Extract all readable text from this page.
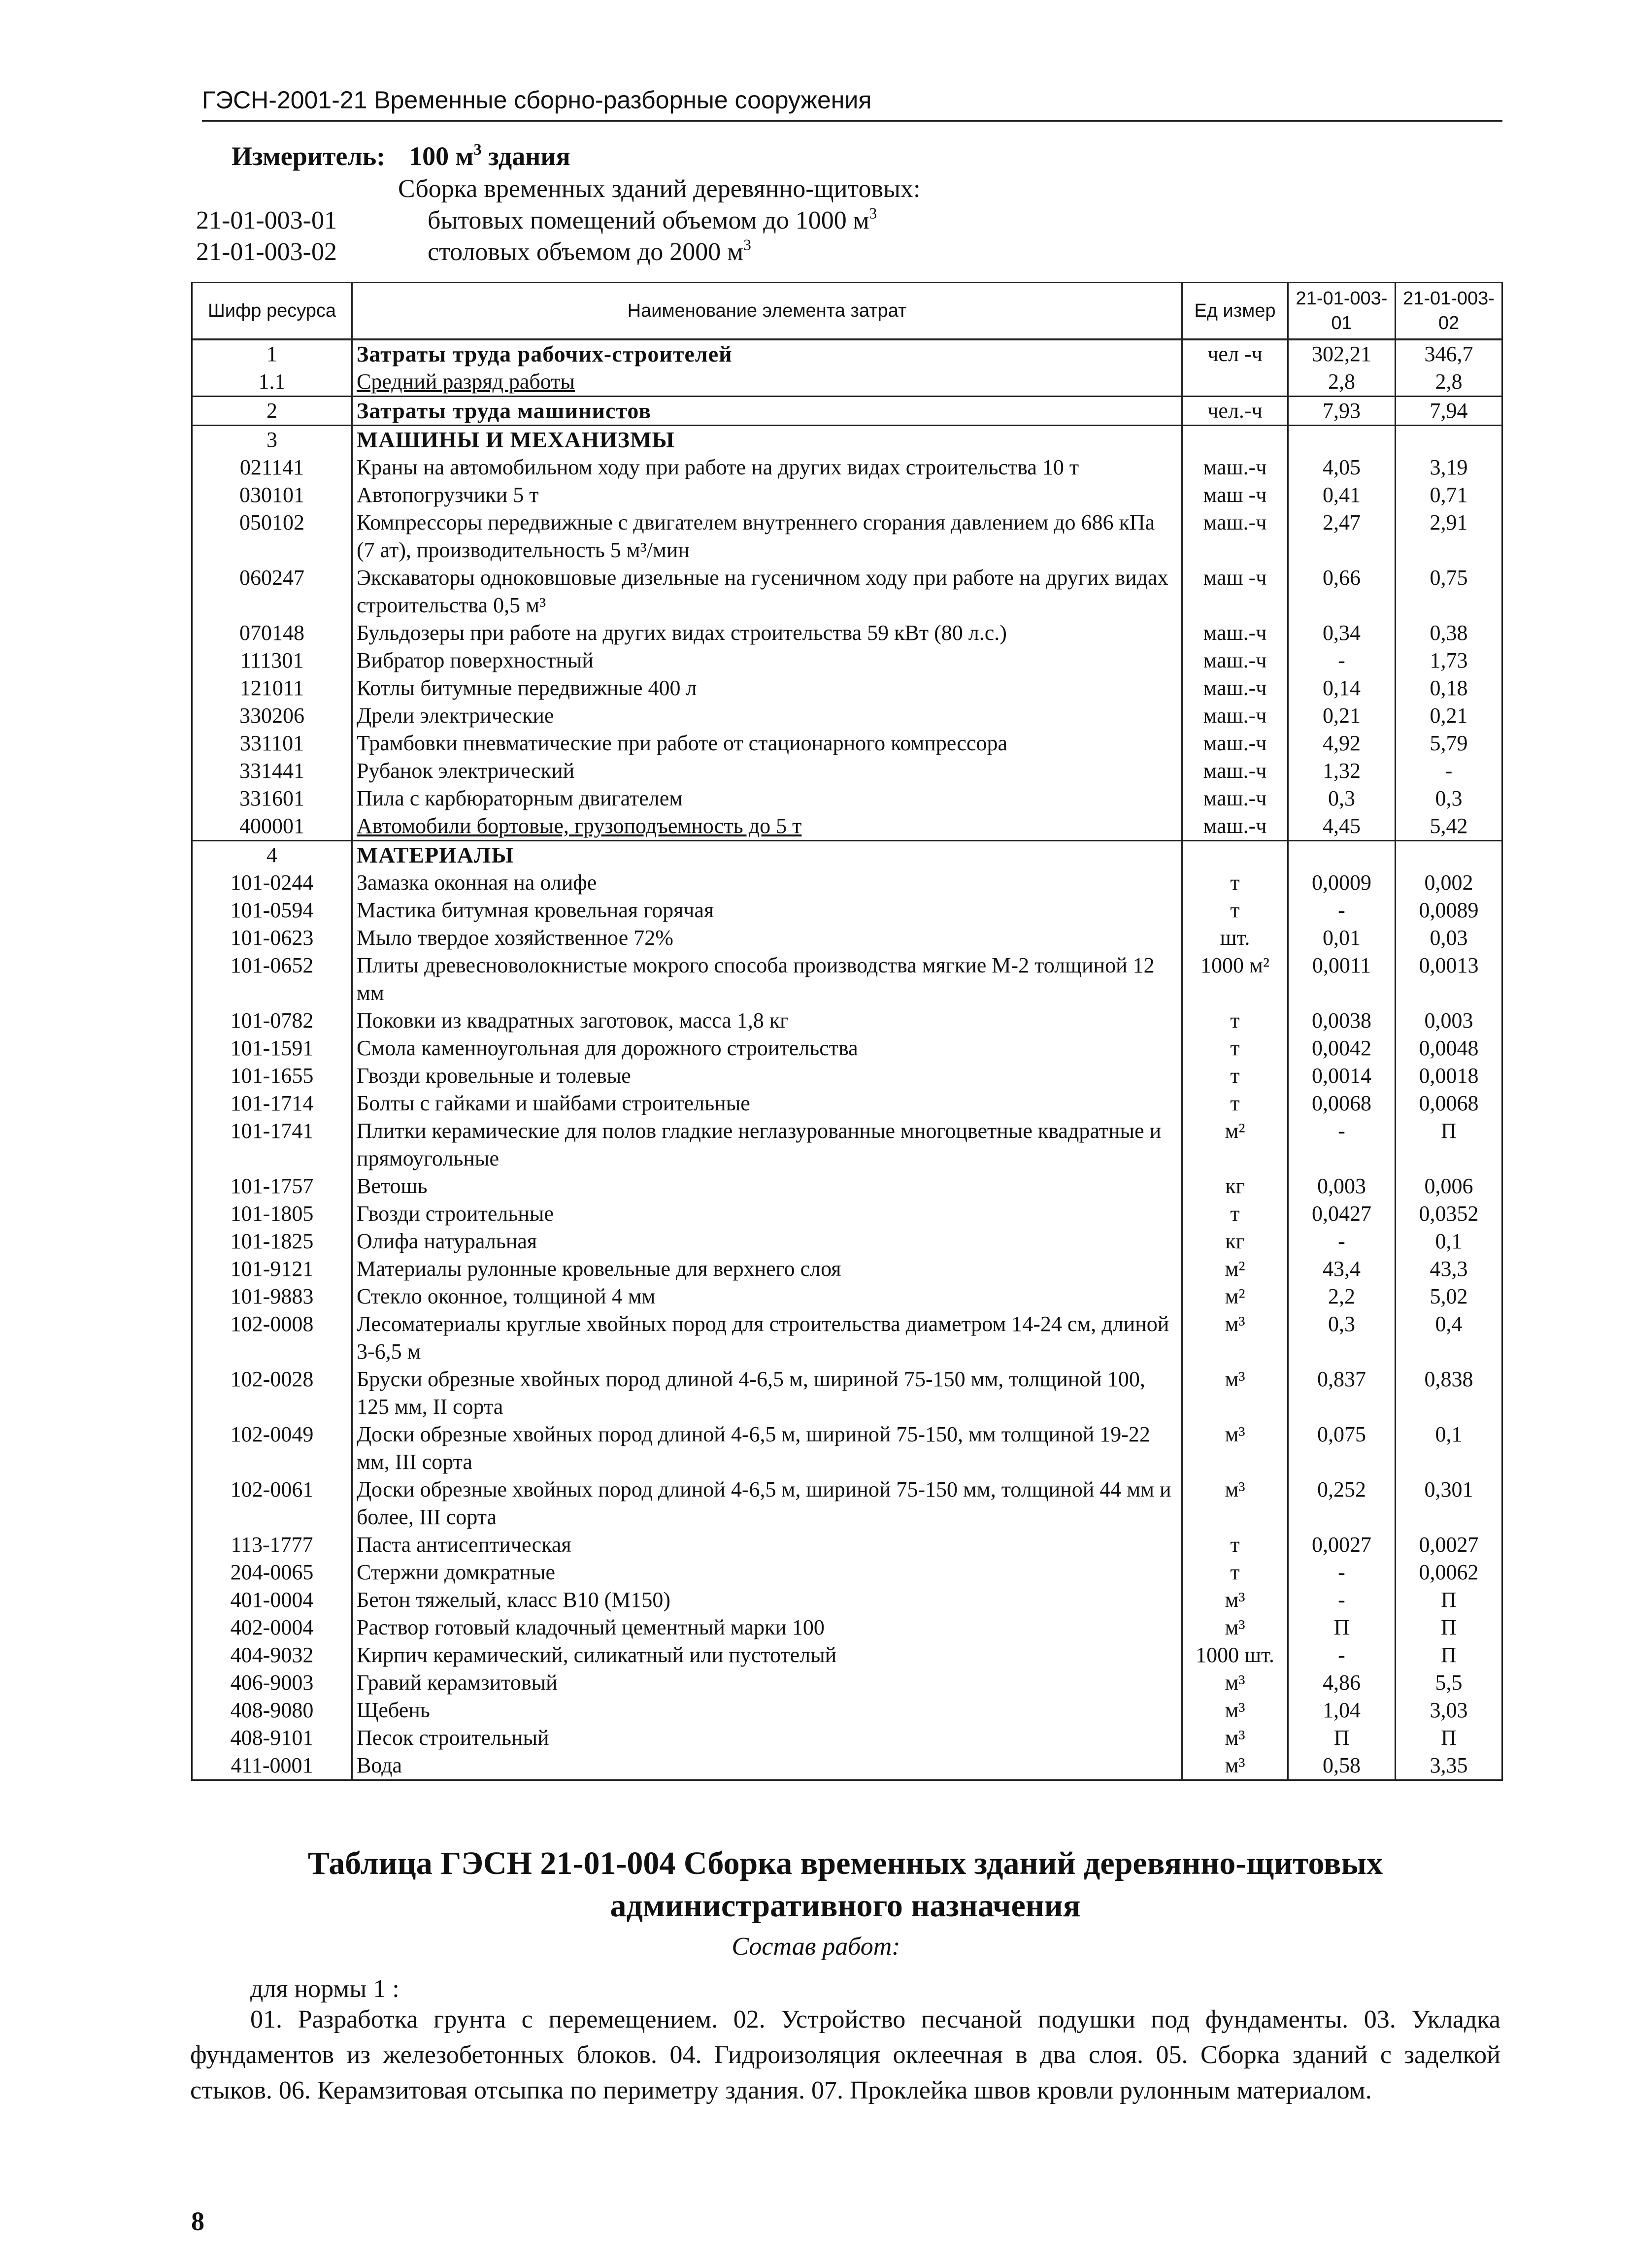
ГЭСН-2001-21 Временные сборно-разборные сооружения
Измеритель: 100 $м^3$ здания
Сборка временных зданий деревянно-щитовых:
21-01-003-01	бытовых помещений объемом до 1000 $м^3$
21-01-003-02	столовых объемом до 2000 $м^3$
Шифр ресурса	Наименование элемента затрат	Ед измер	21-01-003-01	21-01-003-02
1	Затраты труда рабочих-строителей	чел -ч	302,21	346,7
1.1	Средний разряд работы		2,8	2,8
2	Затраты труда машинистов	чел.-ч	7,93	7,94
3	МАШИНЫ И МЕХАНИЗМЫ			
021141	Краны на автомобильном ходу при работе на других видах строительства 10 т	маш.-ч	4,05	3,19
030101	Автопогрузчики 5 т	маш -ч	0,41	0,71
050102	Компрессоры передвижные с двигателем внутреннего сгорания давлением до 686 кПа (7 ат), производительность 5 м³/мин	маш.-ч	2,47	2,91
060247	Экскаваторы одноковшовые дизельные на гусеничном ходу при работе на других видах строительства 0,5 м³	маш -ч	0,66	0,75
070148	Бульдозеры при работе на других видах строительства 59 кВт (80 л.с.)	маш.-ч	0,34	0,38
111301	Вибратор поверхностный	маш.-ч	-	1,73
121011	Котлы битумные передвижные 400 л	маш.-ч	0,14	0,18
330206	Дрели электрические	маш.-ч	0,21	0,21
331101	Трамбовки пневматические при работе от стационарного компрессора	маш.-ч	4,92	5,79
331441	Рубанок электрический	маш.-ч	1,32	-
331601	Пила с карбюраторным двигателем	маш.-ч	0,3	0,3
400001	Автомобили бортовые, грузоподъемность до 5 т	маш.-ч	4,45	5,42
4	МАТЕРИАЛЫ			
101-0244	Замазка оконная на олифе	т	0,0009	0,002
101-0594	Мастика битумная кровельная горячая	т	-	0,0089
101-0623	Мыло твердое хозяйственное 72%	шт.	0,01	0,03
101-0652	Плиты древесноволокнистые мокрого способа производства мягкие М-2 толщиной 12 мм	1000 м²	0,0011	0,0013
101-0782	Поковки из квадратных заготовок, масса 1,8 кг	т	0,0038	0,003
101-1591	Смола каменноугольная для дорожного строительства	т	0,0042	0,0048
101-1655	Гвозди кровельные и толевые	т	0,0014	0,0018
101-1714	Болты с гайками и шайбами строительные	т	0,0068	0,0068
101-1741	Плитки керамические для полов гладкие неглазурованные многоцветные квадратные и прямоугольные	м²	-	П
101-1757	Ветошь	кг	0,003	0,006
101-1805	Гвозди строительные	т	0,0427	0,0352
101-1825	Олифа натуральная	кг	-	0,1
101-9121	Материалы рулонные кровельные для верхнего слоя	м²	43,4	43,3
101-9883	Стекло оконное, толщиной 4 мм	м²	2,2	5,02
102-0008	Лесоматериалы круглые хвойных пород для строительства диаметром 14-24 см, длиной 3-6,5 м	м³	0,3	0,4
102-0028	Бруски обрезные хвойных пород длиной 4-6,5 м, шириной 75-150 мм, толщиной 100, 125 мм, II сорта	м³	0,837	0,838
102-0049	Доски обрезные хвойных пород длиной 4-6,5 м, шириной 75-150, мм толщиной 19-22 мм, III сорта	м³	0,075	0,1
102-0061	Доски обрезные хвойных пород длиной 4-6,5 м, шириной 75-150 мм, толщиной 44 мм и более, III сорта	м³	0,252	0,301
113-1777	Паста антисептическая	т	0,0027	0,0027
204-0065	Стержни домкратные	т	-	0,0062
401-0004	Бетон тяжелый, класс В10 (М150)	м³	-	П
402-0004	Раствор готовый кладочный цементный марки 100	м³	П	П
404-9032	Кирпич керамический, силикатный или пустотелый	1000 шт.	-	П
406-9003	Гравий керамзитовый	м³	4,86	5,5
408-9080	Щебень	м³	1,04	3,03
408-9101	Песок строительный	м³	П	П
411-0001	Вода	м³	0,58	3,35
Таблица ГЭСН 21-01-004 Сборка временных зданий деревянно-щитовых административного назначения
Состав работ:
для нормы 1 :
01. Разработка грунта с перемещением. 02. Устройство песчаной подушки под фундаменты. 03. Укладка фундаментов из железобетонных блоков. 04. Гидроизоляция оклеечная в два слоя. 05. Сборка зданий с заделкой стыков. 06. Керамзитовая отсыпка по периметру здания. 07. Проклейка швов кровли рулонным материалом.
8
